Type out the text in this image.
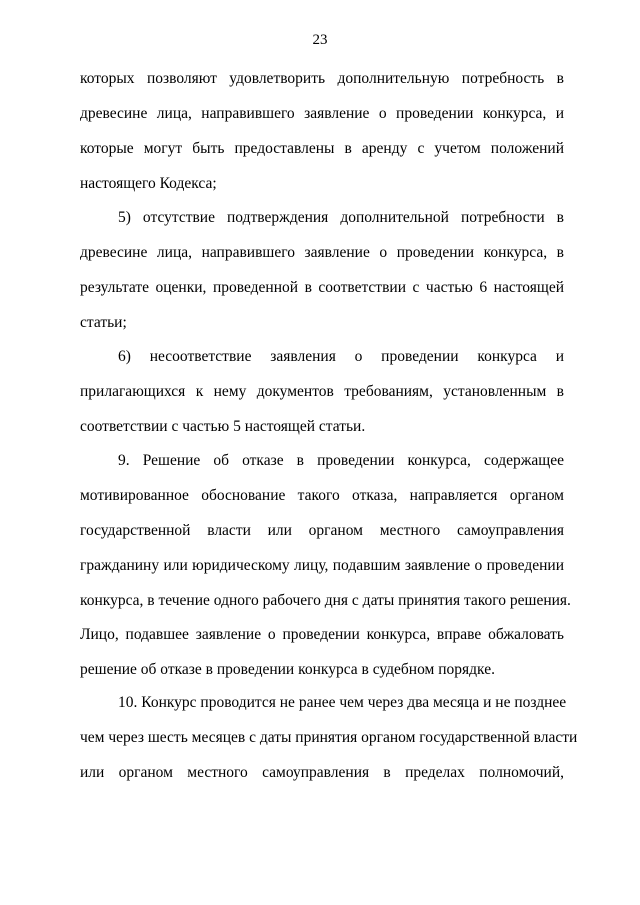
23
которых позволяют удовлетворить дополнительную потребность в
древесине лица, направившего заявление о проведении конкурса, и
которые могут быть предоставлены в аренду с учетом положений
настоящего Кодекса;
5) отсутствие подтверждения дополнительной потребности в
древесине лица, направившего заявление о проведении конкурса, в
результате оценки, проведенной в соответствии с частью 6 настоящей
статьи;
6) несоответствие заявления о проведении конкурса и
прилагающихся к нему документов требованиям, установленным в
соответствии с частью 5 настоящей статьи.
9. Решение об отказе в проведении конкурса, содержащее
мотивированное обоснование такого отказа, направляется органом
государственной власти или органом местного самоуправления
гражданину или юридическому лицу, подавшим заявление о проведении
конкурса, в течение одного рабочего дня с даты принятия такого решения.
Лицо, подавшее заявление о проведении конкурса, вправе обжаловать
решение об отказе в проведении конкурса в судебном порядке.
10. Конкурс проводится не ранее чем через два месяца и не позднее
чем через шесть месяцев с даты принятия органом государственной власти
или органом местного самоуправления в пределах полномочий,
